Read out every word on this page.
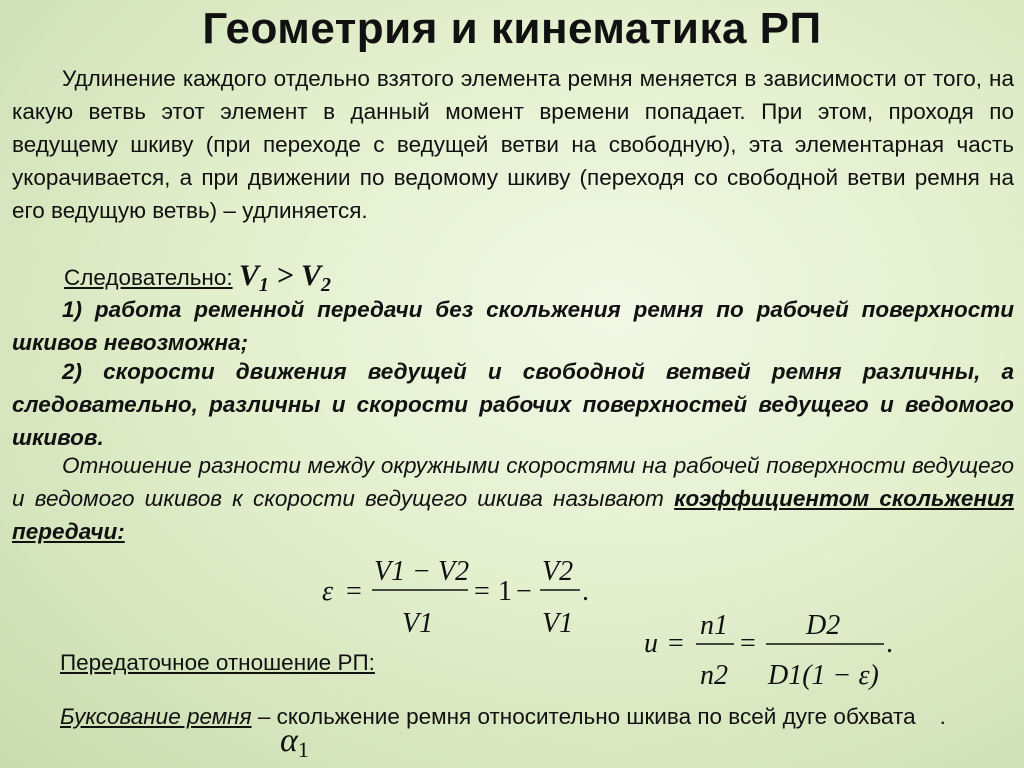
Геометрия и кинематика РП
Удлинение каждого отдельно взятого элемента ремня меняется в зависимости от того, на какую ветвь этот элемент в данный момент времени попадает. При этом, проходя по ведущему шкиву (при переходе с ведущей ветви на свободную), эта элементарная часть укорачивается, а при движении по ведомому шкиву (переходя со свободной ветви ремня на его ведущую ветвь) – удлиняется.
Следовательно: $V_1 > V_2$
1) работа ременной передачи без скольжения ремня по рабочей поверхности шкивов невозможна;
2) скорости движения ведущей и свободной ветвей ремня различны, а следовательно, различны и скорости рабочих поверхностей ведущего и ведомого шкивов.
Отношение разности между окружными скоростями на рабочей поверхности ведущего и ведомого шкивов к скорости ведущего шкива называют коэффициентом скольжения передачи:
ε =
V1 − V2
V1
= 1 −
V2
V1
.
Передаточное отношение РП:
u =
n1
n2
=
D2
D1(1 − ε)
.
Буксование ремня – скольжение ремня относительно шкива по всей дуге обхвата .
$\alpha_1$
